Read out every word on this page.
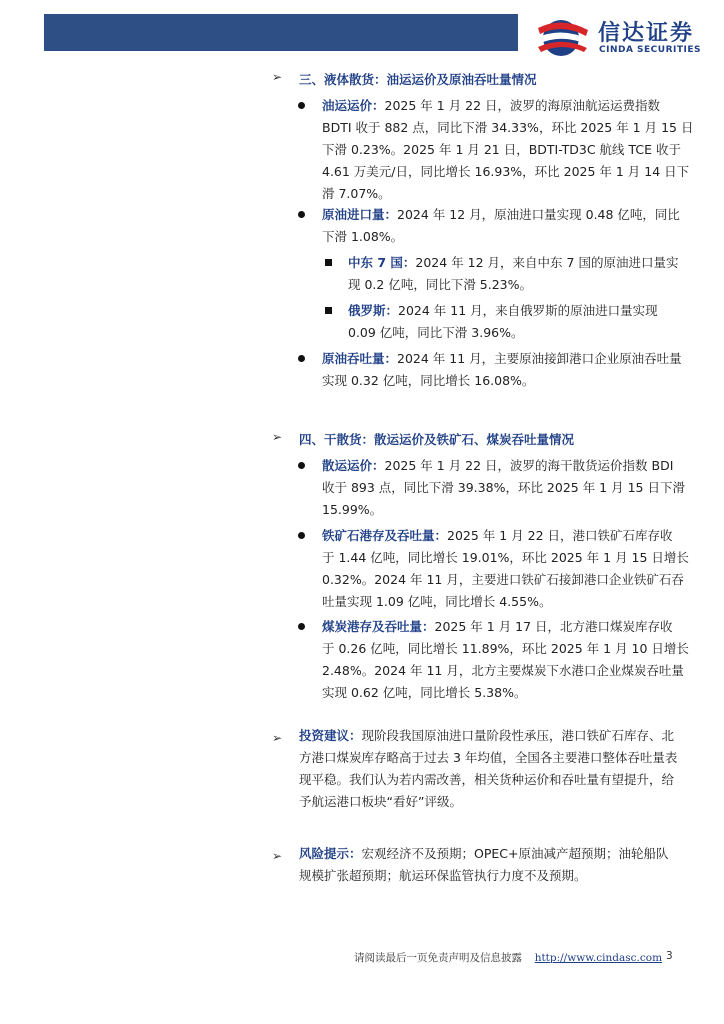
信达证券
CINDA SECURITIES
➢ 三、液体散货：油运运价及原油吞吐量情况
油运运价：2025 年 1 月 22 日，波罗的海原油航运运费指数
BDTI 收于 882 点，同比下滑 34.33%，环比 2025 年 1 月 15 日
下滑 0.23%。2025 年 1 月 21 日，BDTI-TD3C 航线 TCE 收于
4.61 万美元/日，同比增长 16.93%，环比 2025 年 1 月 14 日下
滑 7.07%。
原油进口量：2024 年 12 月，原油进口量实现 0.48 亿吨，同比
下滑 1.08%。
中东 7 国：2024 年 12 月，来自中东 7 国的原油进口量实
现 0.2 亿吨，同比下滑 5.23%。
俄罗斯：2024 年 11 月，来自俄罗斯的原油进口量实现
0.09 亿吨，同比下滑 3.96%。
原油吞吐量：2024 年 11 月，主要原油接卸港口企业原油吞吐量
实现 0.32 亿吨，同比增长 16.08%。
➢ 四、干散货：散运运价及铁矿石、煤炭吞吐量情况
散运运价：2025 年 1 月 22 日，波罗的海干散货运价指数 BDI
收于 893 点，同比下滑 39.38%，环比 2025 年 1 月 15 日下滑
15.99%。
铁矿石港存及吞吐量：2025 年 1 月 22 日，港口铁矿石库存收
于 1.44 亿吨，同比增长 19.01%，环比 2025 年 1 月 15 日增长
0.32%。2024 年 11 月，主要进口铁矿石接卸港口企业铁矿石吞
吐量实现 1.09 亿吨，同比增长 4.55%。
煤炭港存及吞吐量：2025 年 1 月 17 日，北方港口煤炭库存收
于 0.26 亿吨，同比增长 11.89%，环比 2025 年 1 月 10 日增长
2.48%。2024 年 11 月，北方主要煤炭下水港口企业煤炭吞吐量
实现 0.62 亿吨，同比增长 5.38%。
➢ 投资建议：现阶段我国原油进口量阶段性承压，港口铁矿石库存、北
方港口煤炭库存略高于过去 3 年均值，全国各主要港口整体吞吐量表
现平稳。我们认为若内需改善，相关货种运价和吞吐量有望提升，给
予航运港口板块“看好”评级。
➢ 风险提示：宏观经济不及预期；OPEC+原油减产超预期；油轮船队
规模扩张超预期；航运环保监管执行力度不及预期。
请阅读最后一页免责声明及信息披露 http://www.cindasc.com 3
